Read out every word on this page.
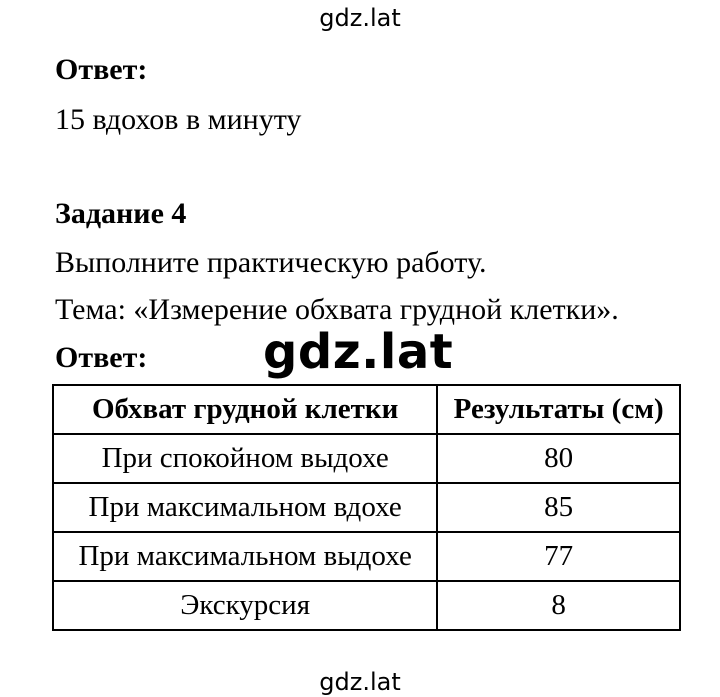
gdz.lat
Ответ:
15 вдохов в минуту
Задание 4
Выполните практическую работу.
Тема: «Измерение обхвата грудной клетки».
Ответ: gdz.lat
Обхват грудной клетки	Результаты (см)
При спокойном выдохе	80
При максимальном вдохе	85
При максимальном выдохе	77
Экскурсия	8
gdz.lat
